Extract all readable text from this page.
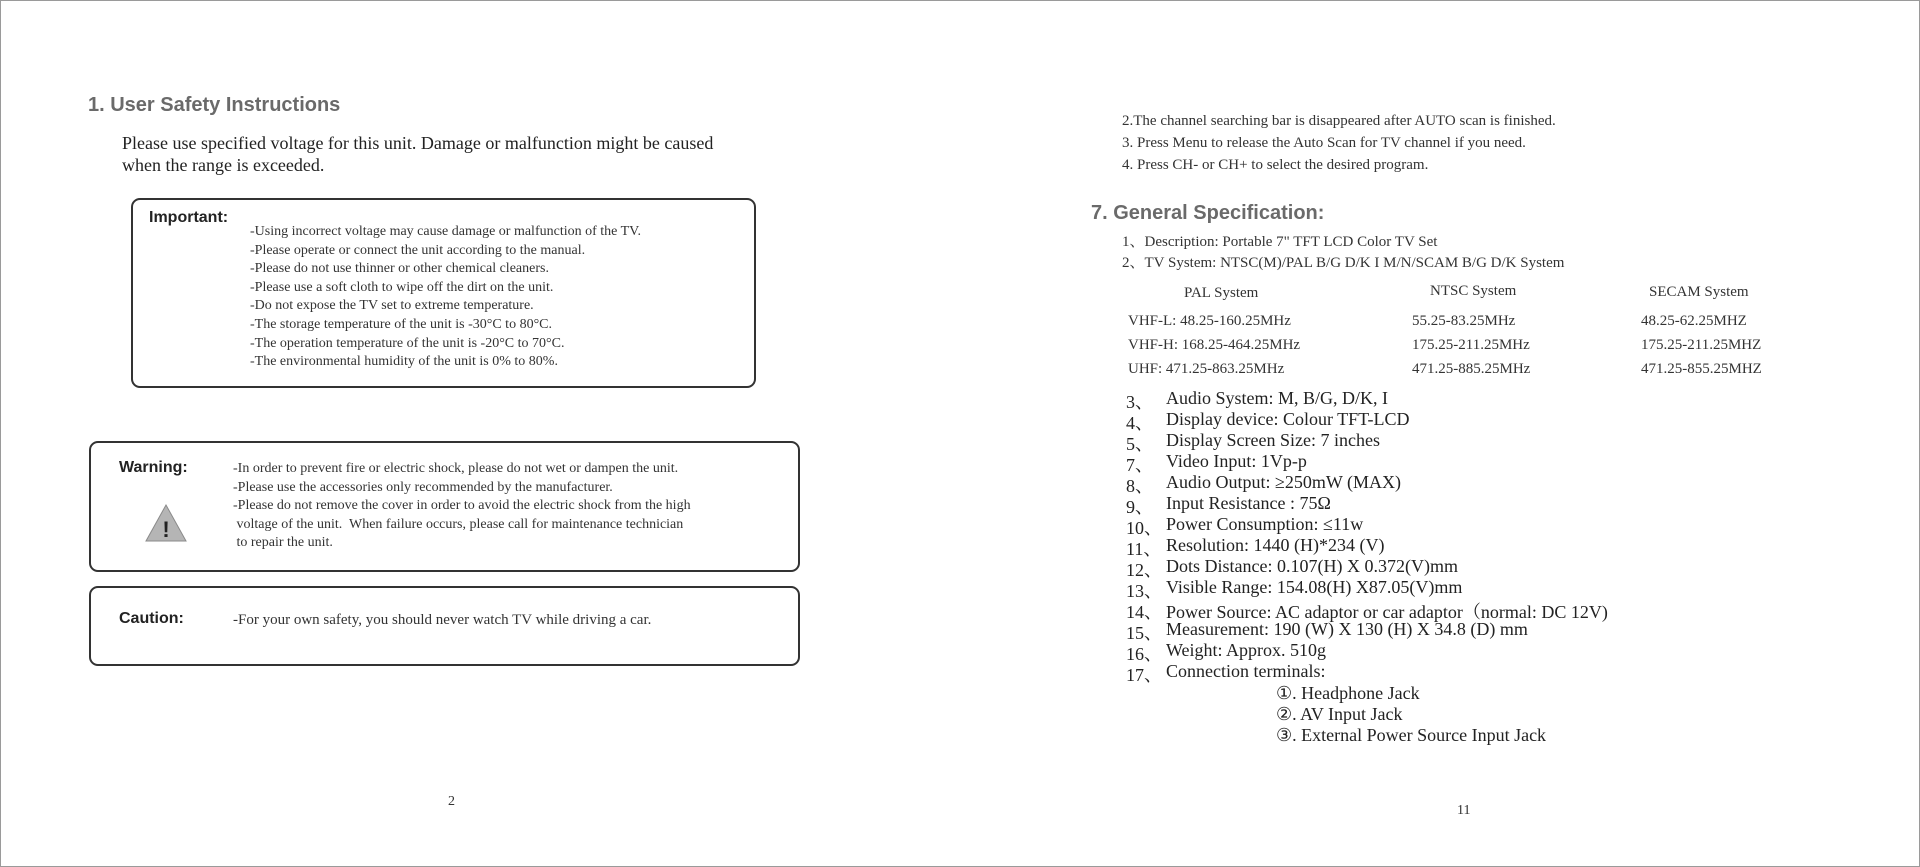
1. User Safety Instructions
Please use specified voltage for this unit. Damage or malfunction might be caused
when the range is exceeded.
Important:
-Using incorrect voltage may cause damage or malfunction of the TV.
-Please operate or connect the unit according to the manual.
-Please do not use thinner or other chemical cleaners.
-Please use a soft cloth to wipe off the dirt on the unit.
-Do not expose the TV set to extreme temperature.
-The storage temperature of the unit is -30°C to 80°C.
-The operation temperature of the unit is -20°C to 70°C.
-The environmental humidity of the unit is 0% to 80%.
Warning:
!
-In order to prevent fire or electric shock, please do not wet or dampen the unit.
-Please use the accessories only recommended by the manufacturer.
-Please do not remove the cover in order to avoid the electric shock from the high
voltage of the unit.  When failure occurs, please call for maintenance technician
to repair the unit.
Caution:	-For your own safety, you should never watch TV while driving a car.
2
2.The channel searching bar is disappeared after AUTO scan is finished.
3. Press Menu to release the Auto Scan for TV channel if you need.
4. Press CH- or CH+ to select the desired program.
7. General Specification:
1、Description: Portable 7" TFT LCD Color TV Set
2、TV System: NTSC(M)/PAL B/G D/K I M/N/SCAM B/G D/K System
PAL System	NTSC System	SECAM System
VHF-L: 48.25-160.25MHz	55.25-83.25MHz	48.25-62.25MHZ
VHF-H: 168.25-464.25MHz	175.25-211.25MHz	175.25-211.25MHZ
UHF: 471.25-863.25MHz	471.25-885.25MHz	471.25-855.25MHZ
3、 Audio System: M, B/G, D/K, I
4、 Display device: Colour TFT-LCD
5、 Display Screen Size: 7 inches
7、 Video Input: 1Vp-p
8、 Audio Output: ≥250mW (MAX)
9、 Input Resistance : 75Ω
10、 Power Consumption: ≤11w
11、 Resolution: 1440 (H)*234 (V)
12、 Dots Distance: 0.107(H) X 0.372(V)mm
13、 Visible Range: 154.08(H) X87.05(V)mm
14、 Power Source: AC adaptor or car adaptor（normal: DC 12V)
15、 Measurement: 190 (W) X 130 (H) X 34.8 (D) mm
16、 Weight: Approx. 510g
17、 Connection terminals:
①. Headphone Jack
②. AV Input Jack
③. External Power Source Input Jack
11
